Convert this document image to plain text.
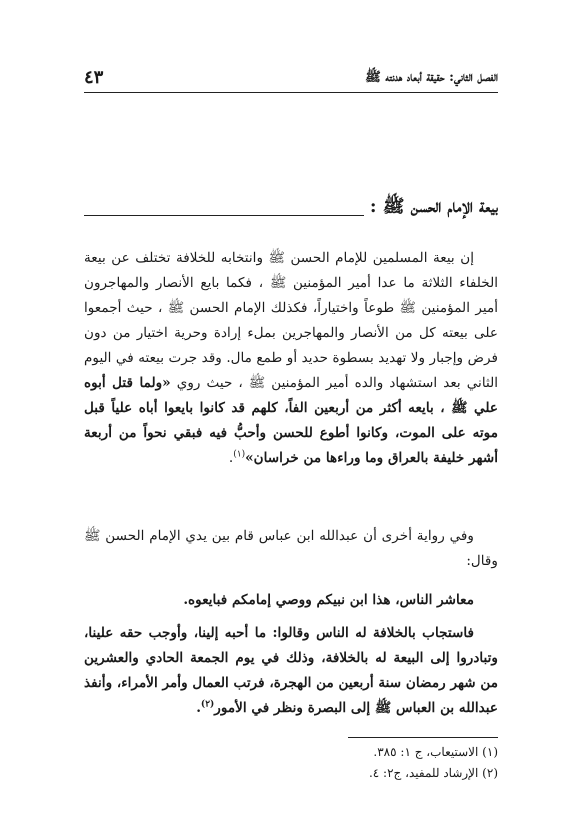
الفصل الثاني: حقيقة أبعاد هدنته ﷺ
٤٣
بيعة الإمام الحسن ﷺ :

إن بيعة المسلمين للإمام الحسن ﷺ وانتخابه للخلافة تختلف عن بيعة الخلفاء الثلاثة ما عدا أمير المؤمنين ﷺ ، فكما بايع الأنصار والمهاجرون أمير المؤمنين ﷺ طوعاً واختياراً، فكذلك الإمام الحسن ﷺ ، حيث أجمعوا على بيعته كل من الأنصار والمهاجرين بملء إرادة وحرية اختيار من دون فرض وإجبار ولا تهديد بسطوة حديد أو طمع مال. وقد جرت بيعته في اليوم الثاني بعد استشهاد والده أمير المؤمنين ﷺ ، حيث روي «ولما قتل أبوه علي ﷺ ، بايعه أكثر من أربعين الفاً، كلهم قد كانوا بايعوا أباه علياً قبل موته على الموت، وكانوا أطوع للحسن وأحبُّ فيه فبقي نحواً من أربعة أشهر خليفة بالعراق وما وراءها من خراسان»$^{(١)}$.

وفي رواية أخرى أن عبدالله ابن عباس قام بين يدي الإمام الحسن ﷺ وقال:

معاشر الناس، هذا ابن نبيكم ووصي إمامكم فبايعوه.

فاستجاب بالخلافة له الناس وقالوا: ما أحبه إلينا، وأوجب حقه علينا، وتبادروا إلى البيعة له بالخلافة، وذلك في يوم الجمعة الحادي والعشرين من شهر رمضان سنة أربعين من الهجرة، فرتب العمال وأمر الأمراء، وأنفذ عبدالله بن العباس ﷺ إلى البصرة ونظر في الأمور$^{(٢)}$.

(١) الاستيعاب، ج ١: ٣٨٥.
(٢) الإرشاد للمفيد، ج٢: ٤.
